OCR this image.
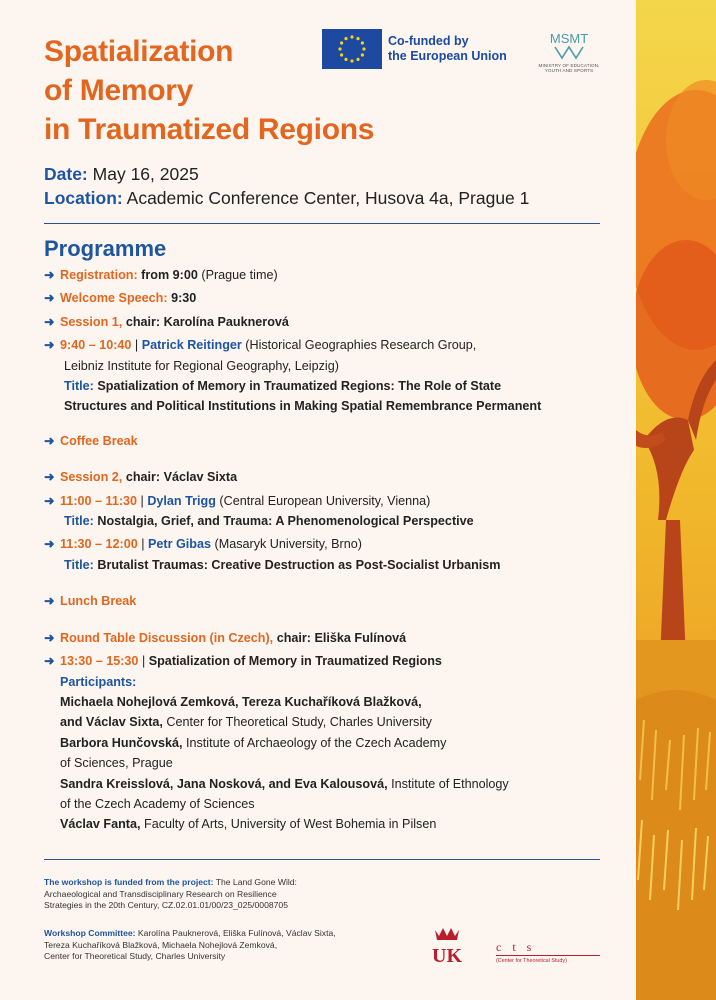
Spatialization
of Memory
in Traumatized Regions
Co-funded by
the European Union
MSMT
MINISTRY OF EDUCATION,
YOUTH AND SPORTS
Date: May 16, 2025
Location: Academic Conference Center, Husova 4a, Prague 1
Programme
➜ Registration: from 9:00 (Prague time)
➜ Welcome Speech: 9:30
➜ Session 1, chair: Karolína Pauknerová
➜ 9:40 – 10:40 | Patrick Reitinger (Historical Geographies Research Group,
Leibniz Institute for Regional Geography, Leipzig)
Title: Spatialization of Memory in Traumatized Regions: The Role of State
Structures and Political Institutions in Making Spatial Remembrance Permanent
➜ Coffee Break
➜ Session 2, chair: Václav Sixta
➜ 11:00 – 11:30 | Dylan Trigg (Central European University, Vienna)
Title: Nostalgia, Grief, and Trauma: A Phenomenological Perspective
➜ 11:30 – 12:00 | Petr Gibas (Masaryk University, Brno)
Title: Brutalist Traumas: Creative Destruction as Post-Socialist Urbanism
➜ Lunch Break
➜ Round Table Discussion (in Czech), chair: Eliška Fulínová
➜ 13:30 – 15:30 | Spatialization of Memory in Traumatized Regions
Participants:
Michaela Nohejlová Zemková, Tereza Kuchaříková Blažková,
and Václav Sixta, Center for Theoretical Study, Charles University
Barbora Hunčovská, Institute of Archaeology of the Czech Academy
of Sciences, Prague
Sandra Kreisslová, Jana Nosková, and Eva Kalousová, Institute of Ethnology
of the Czech Academy of Sciences
Václav Fanta, Faculty of Arts, University of West Bohemia in Pilsen
The workshop is funded from the project: The Land Gone Wild:
Archaeological and Transdisciplinary Research on Resilience
Strategies in the 20th Century, CZ.02.01.01/00/23_025/0008705
Workshop Committee: Karolína Pauknerová, Eliška Fulínová, Václav Sixta,
Tereza Kuchaříková Blažková, Michaela Nohejlová Zemková,
Center for Theoretical Study, Charles University	UK	c t s
(Center for Theoretical Study)
